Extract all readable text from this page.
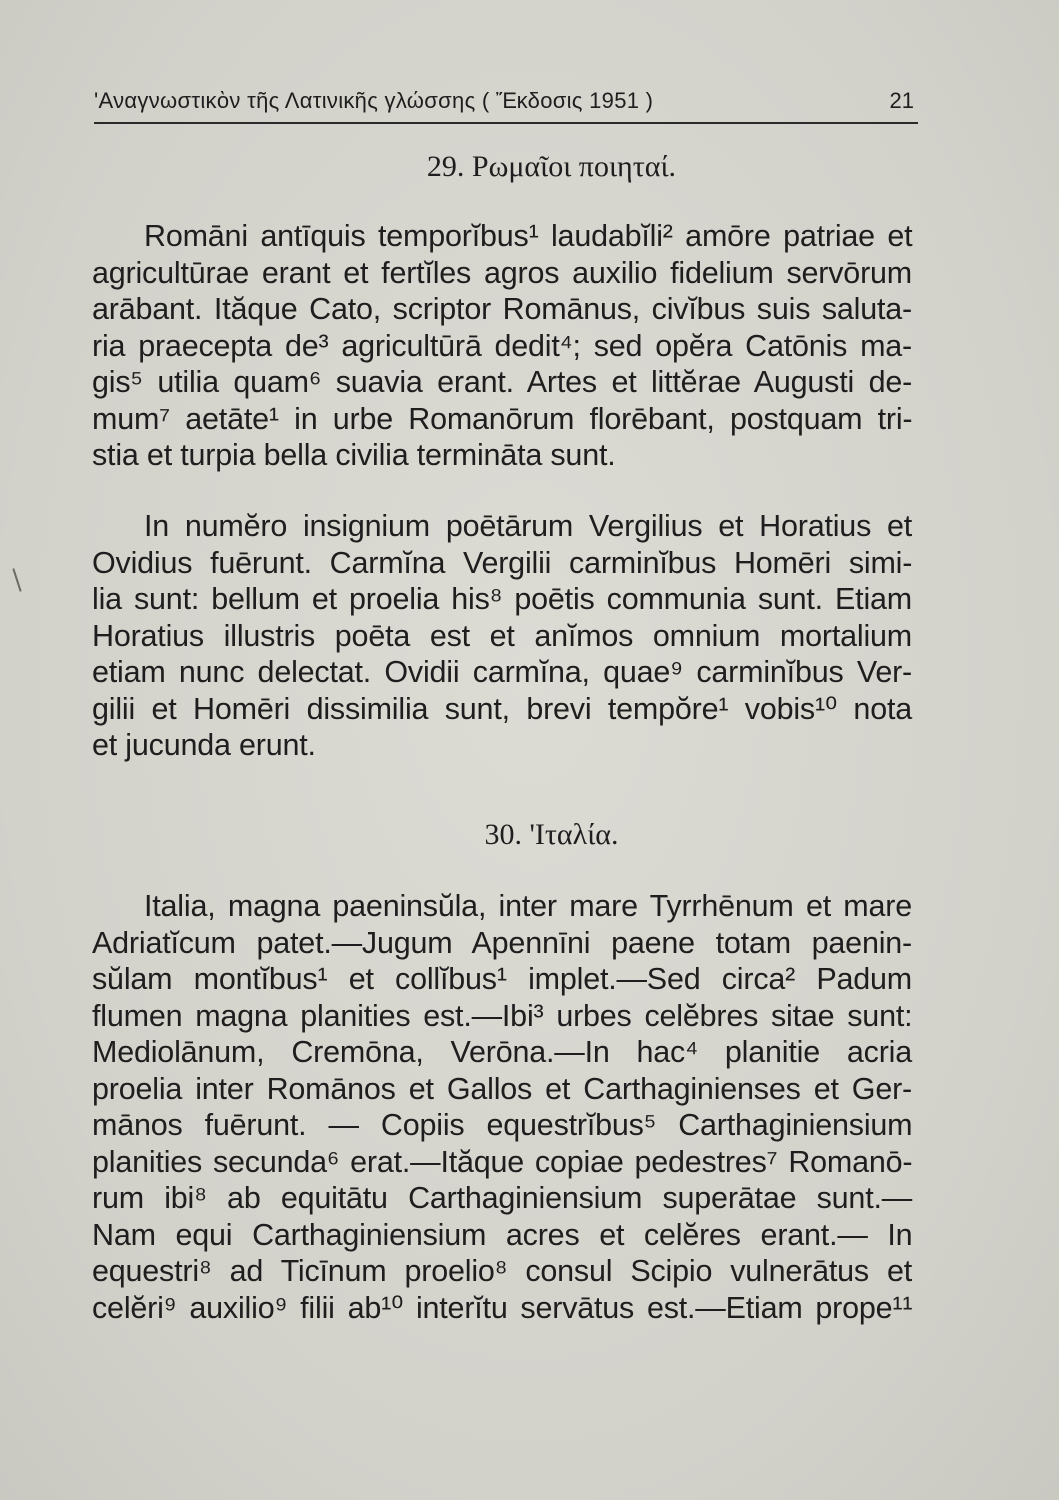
'Αναγνωστικὸν τῆς Λατινικῆς γλώσσης ( Ἔκδοσις 1951 )	21
29. Ρωμαῖοι ποιηταί.
Romāni antīquis temporĭbus¹ laudabĭli² amōre patriae et
agricultūrae erant et fertĭles agros auxilio fidelium servōrum
arābant. Ităque Cato, scriptor Romānus, civĭbus suis saluta-
ria praecepta de³ agricultūrā dedit⁴; sed opĕra Catōnis ma-
gis⁵ utilia quam⁶ suavia erant. Artes et littĕrae Augusti de-
mum⁷ aetāte¹ in urbe Romanōrum florēbant, postquam tri-
stia et turpia bella civilia termināta sunt.
In numĕro insignium poētārum Vergilius et Horatius et
Ovidius fuērunt. Carmĭna Vergilii carminĭbus Homēri simi-
lia sunt: bellum et proelia his⁸ poētis communia sunt. Etiam
Horatius illustris poēta est et anĭmos omnium mortalium
etiam nunc delectat. Ovidii carmĭna, quae⁹ carminĭbus Ver-
gilii et Homēri dissimilia sunt, brevi tempŏre¹ vobis¹⁰ nota
et jucunda erunt.
30. 'Ιταλία.
Italia, magna paeninsŭla, inter mare Tyrrhēnum et mare
Adriatĭcum patet.—Jugum Apennīni paene totam paenin-
sŭlam montĭbus¹ et collĭbus¹ implet.—Sed circa² Padum
flumen magna planities est.—Ibi³ urbes celĕbres sitae sunt:
Mediolānum, Cremōna, Verōna.—In hac⁴ planitie acria
proelia inter Romānos et Gallos et Carthaginienses et Ger-
mānos fuērunt. — Copiis equestrĭbus⁵ Carthaginiensium
planities secunda⁶ erat.—Ităque copiae pedestres⁷ Romanō-
rum ibi⁸ ab equitātu Carthaginiensium superātae sunt.—
Nam equi Carthaginiensium acres et celĕres erant.— In
equestri⁸ ad Ticīnum proelio⁸ consul Scipio vulnerātus et
celĕri⁹ auxilio⁹ filii ab¹⁰ interĭtu servātus est.—Etiam prope¹¹
